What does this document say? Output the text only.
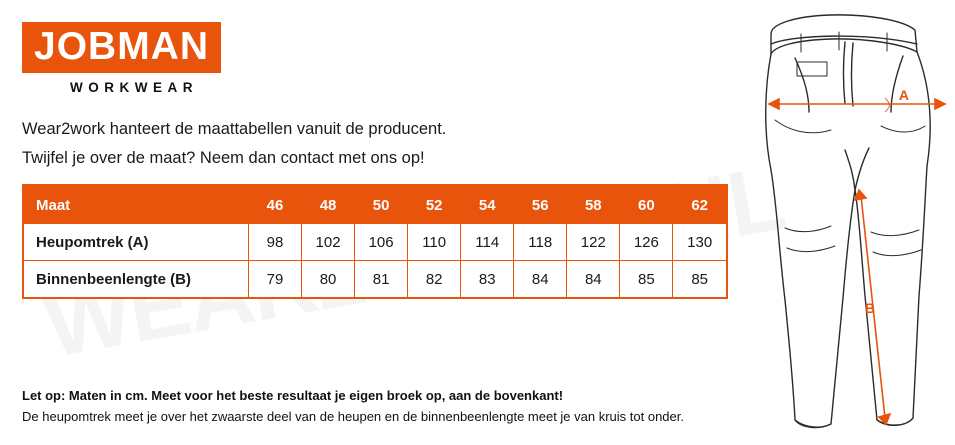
JOBMAN
WORKWEAR

Wear2work hanteert de maattabellen vanuit de producent.

Twijfel je over de maat? Neem dan contact met ons op!

Maat	46	48	50	52	54	56	58	60	62
Heupomtrek (A)	98	102	106	110	114	118	122	126	130
Binnenbeenlengte (B)	79	80	81	82	83	84	84	85	85

Let op: Maten in cm. Meet voor het beste resultaat je eigen broek op, aan de bovenkant!

De heupomtrek meet je over het zwaarste deel van de heupen en de binnenbeenlengte meet je van kruis tot onder.

A
B
